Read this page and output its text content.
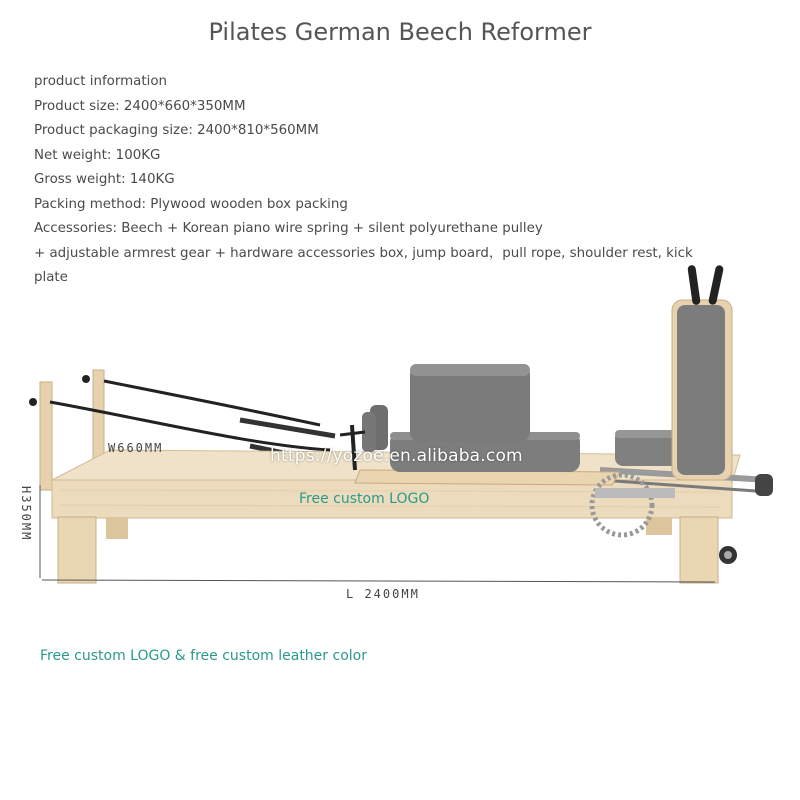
Pilates German Beech Reformer
product information
Product size: 2400*660*350MM
Product packaging size: 2400*810*560MM
Net weight: 100KG
Gross weight: 140KG
Packing method: Plywood wooden box packing
Accessories: Beech + Korean piano wire spring + silent polyurethane pulley
+ adjustable armrest gear + hardware accessories box, jump board，pull rope, shoulder rest, kick
plate
https://yozoe.en.alibaba.com
Free custom LOGO
W660MM
L 2400MM
H350MM
Free custom LOGO & free custom leather color
